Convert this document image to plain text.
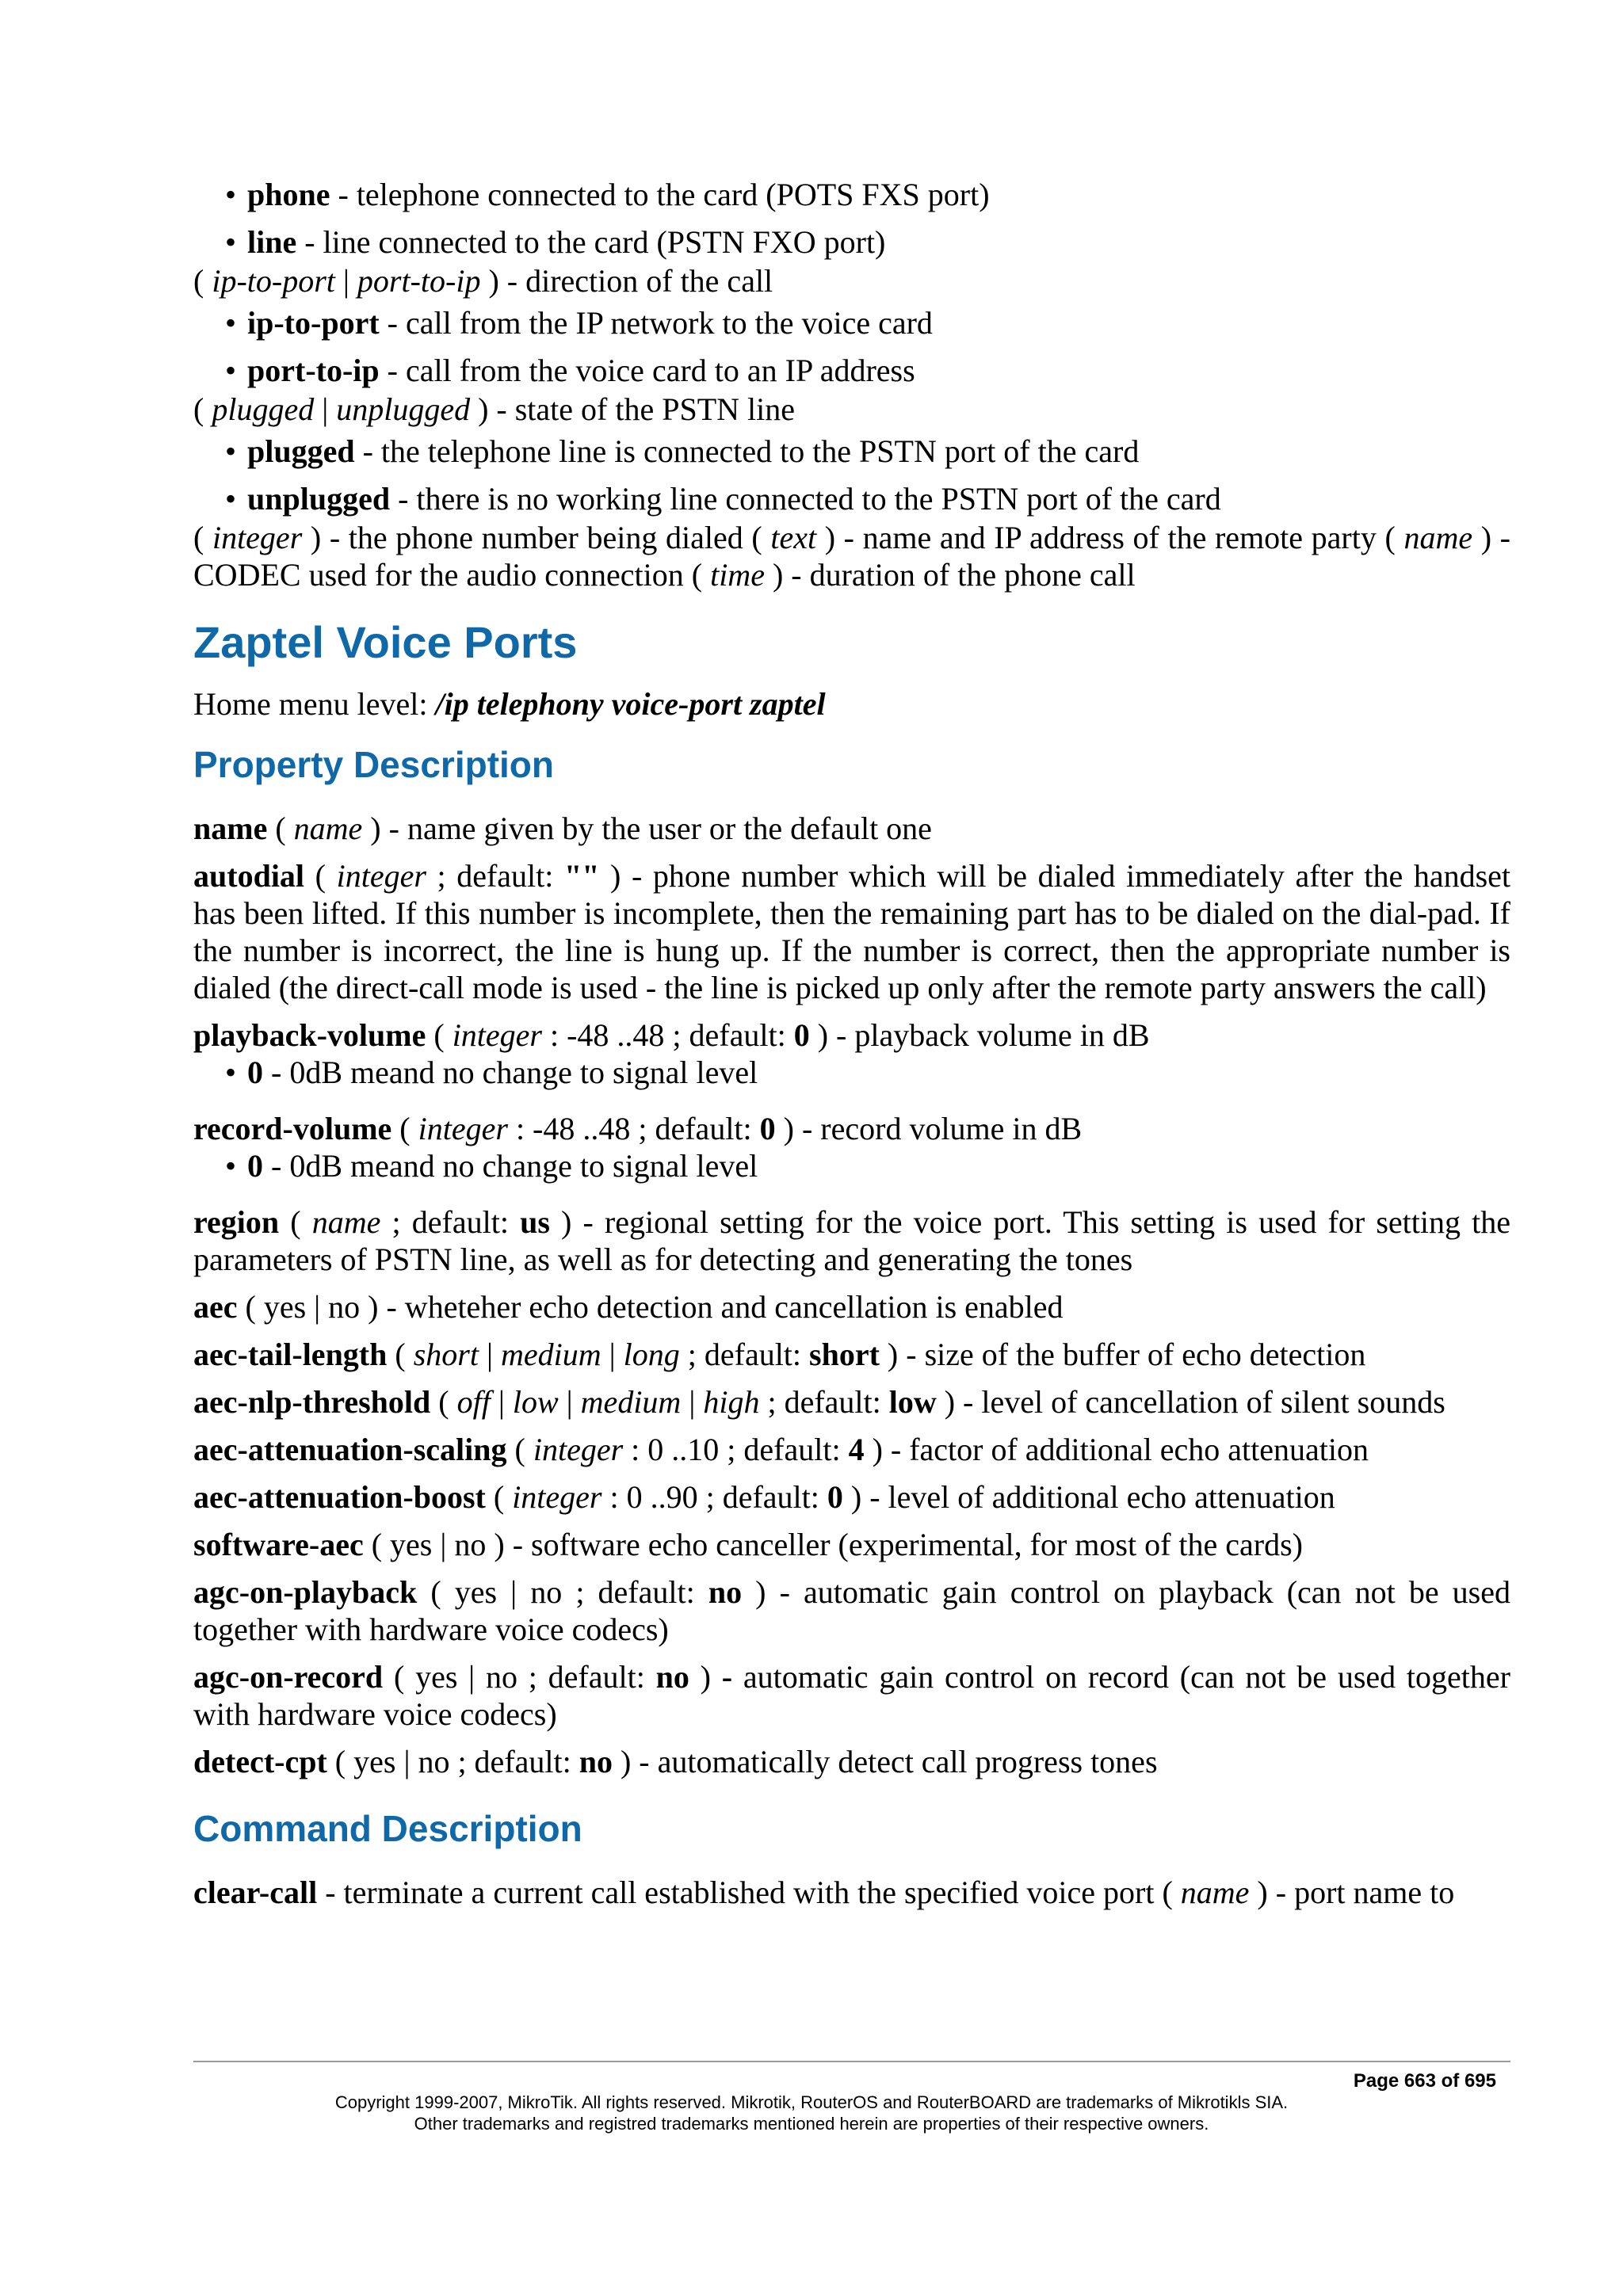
• phone - telephone connected to the card (POTS FXS port)
• line - line connected to the card (PSTN FXO port)
( ip-to-port | port-to-ip ) - direction of the call
• ip-to-port - call from the IP network to the voice card
• port-to-ip - call from the voice card to an IP address
( plugged | unplugged ) - state of the PSTN line
• plugged - the telephone line is connected to the PSTN port of the card
• unplugged - there is no working line connected to the PSTN port of the card
( integer ) - the phone number being dialed ( text ) - name and IP address of the remote party ( name ) - CODEC used for the audio connection ( time ) - duration of the phone call
Zaptel Voice Ports
Home menu level: /ip telephony voice-port zaptel
Property Description
name ( name ) - name given by the user or the default one
autodial ( integer ; default: "" ) - phone number which will be dialed immediately after the handset has been lifted. If this number is incomplete, then the remaining part has to be dialed on the dial-pad. If the number is incorrect, the line is hung up. If the number is correct, then the appropriate number is dialed (the direct-call mode is used - the line is picked up only after the remote party answers the call)
playback-volume ( integer : -48 ..48 ; default: 0 ) - playback volume in dB
• 0 - 0dB meand no change to signal level
record-volume ( integer : -48 ..48 ; default: 0 ) - record volume in dB
• 0 - 0dB meand no change to signal level
region ( name ; default: us ) - regional setting for the voice port. This setting is used for setting the parameters of PSTN line, as well as for detecting and generating the tones
aec ( yes | no ) - wheteher echo detection and cancellation is enabled
aec-tail-length ( short | medium | long ; default: short ) - size of the buffer of echo detection
aec-nlp-threshold ( off | low | medium | high ; default: low ) - level of cancellation of silent sounds
aec-attenuation-scaling ( integer : 0 ..10 ; default: 4 ) - factor of additional echo attenuation
aec-attenuation-boost ( integer : 0 ..90 ; default: 0 ) - level of additional echo attenuation
software-aec ( yes | no ) - software echo canceller (experimental, for most of the cards)
agc-on-playback ( yes | no ; default: no ) - automatic gain control on playback (can not be used together with hardware voice codecs)
agc-on-record ( yes | no ; default: no ) - automatic gain control on record (can not be used together with hardware voice codecs)
detect-cpt ( yes | no ; default: no ) - automatically detect call progress tones
Command Description
clear-call - terminate a current call established with the specified voice port ( name ) - port name to
Page 663 of 695
Copyright 1999-2007, MikroTik. All rights reserved. Mikrotik, RouterOS and RouterBOARD are trademarks of Mikrotikls SIA.
Other trademarks and registred trademarks mentioned herein are properties of their respective owners.
